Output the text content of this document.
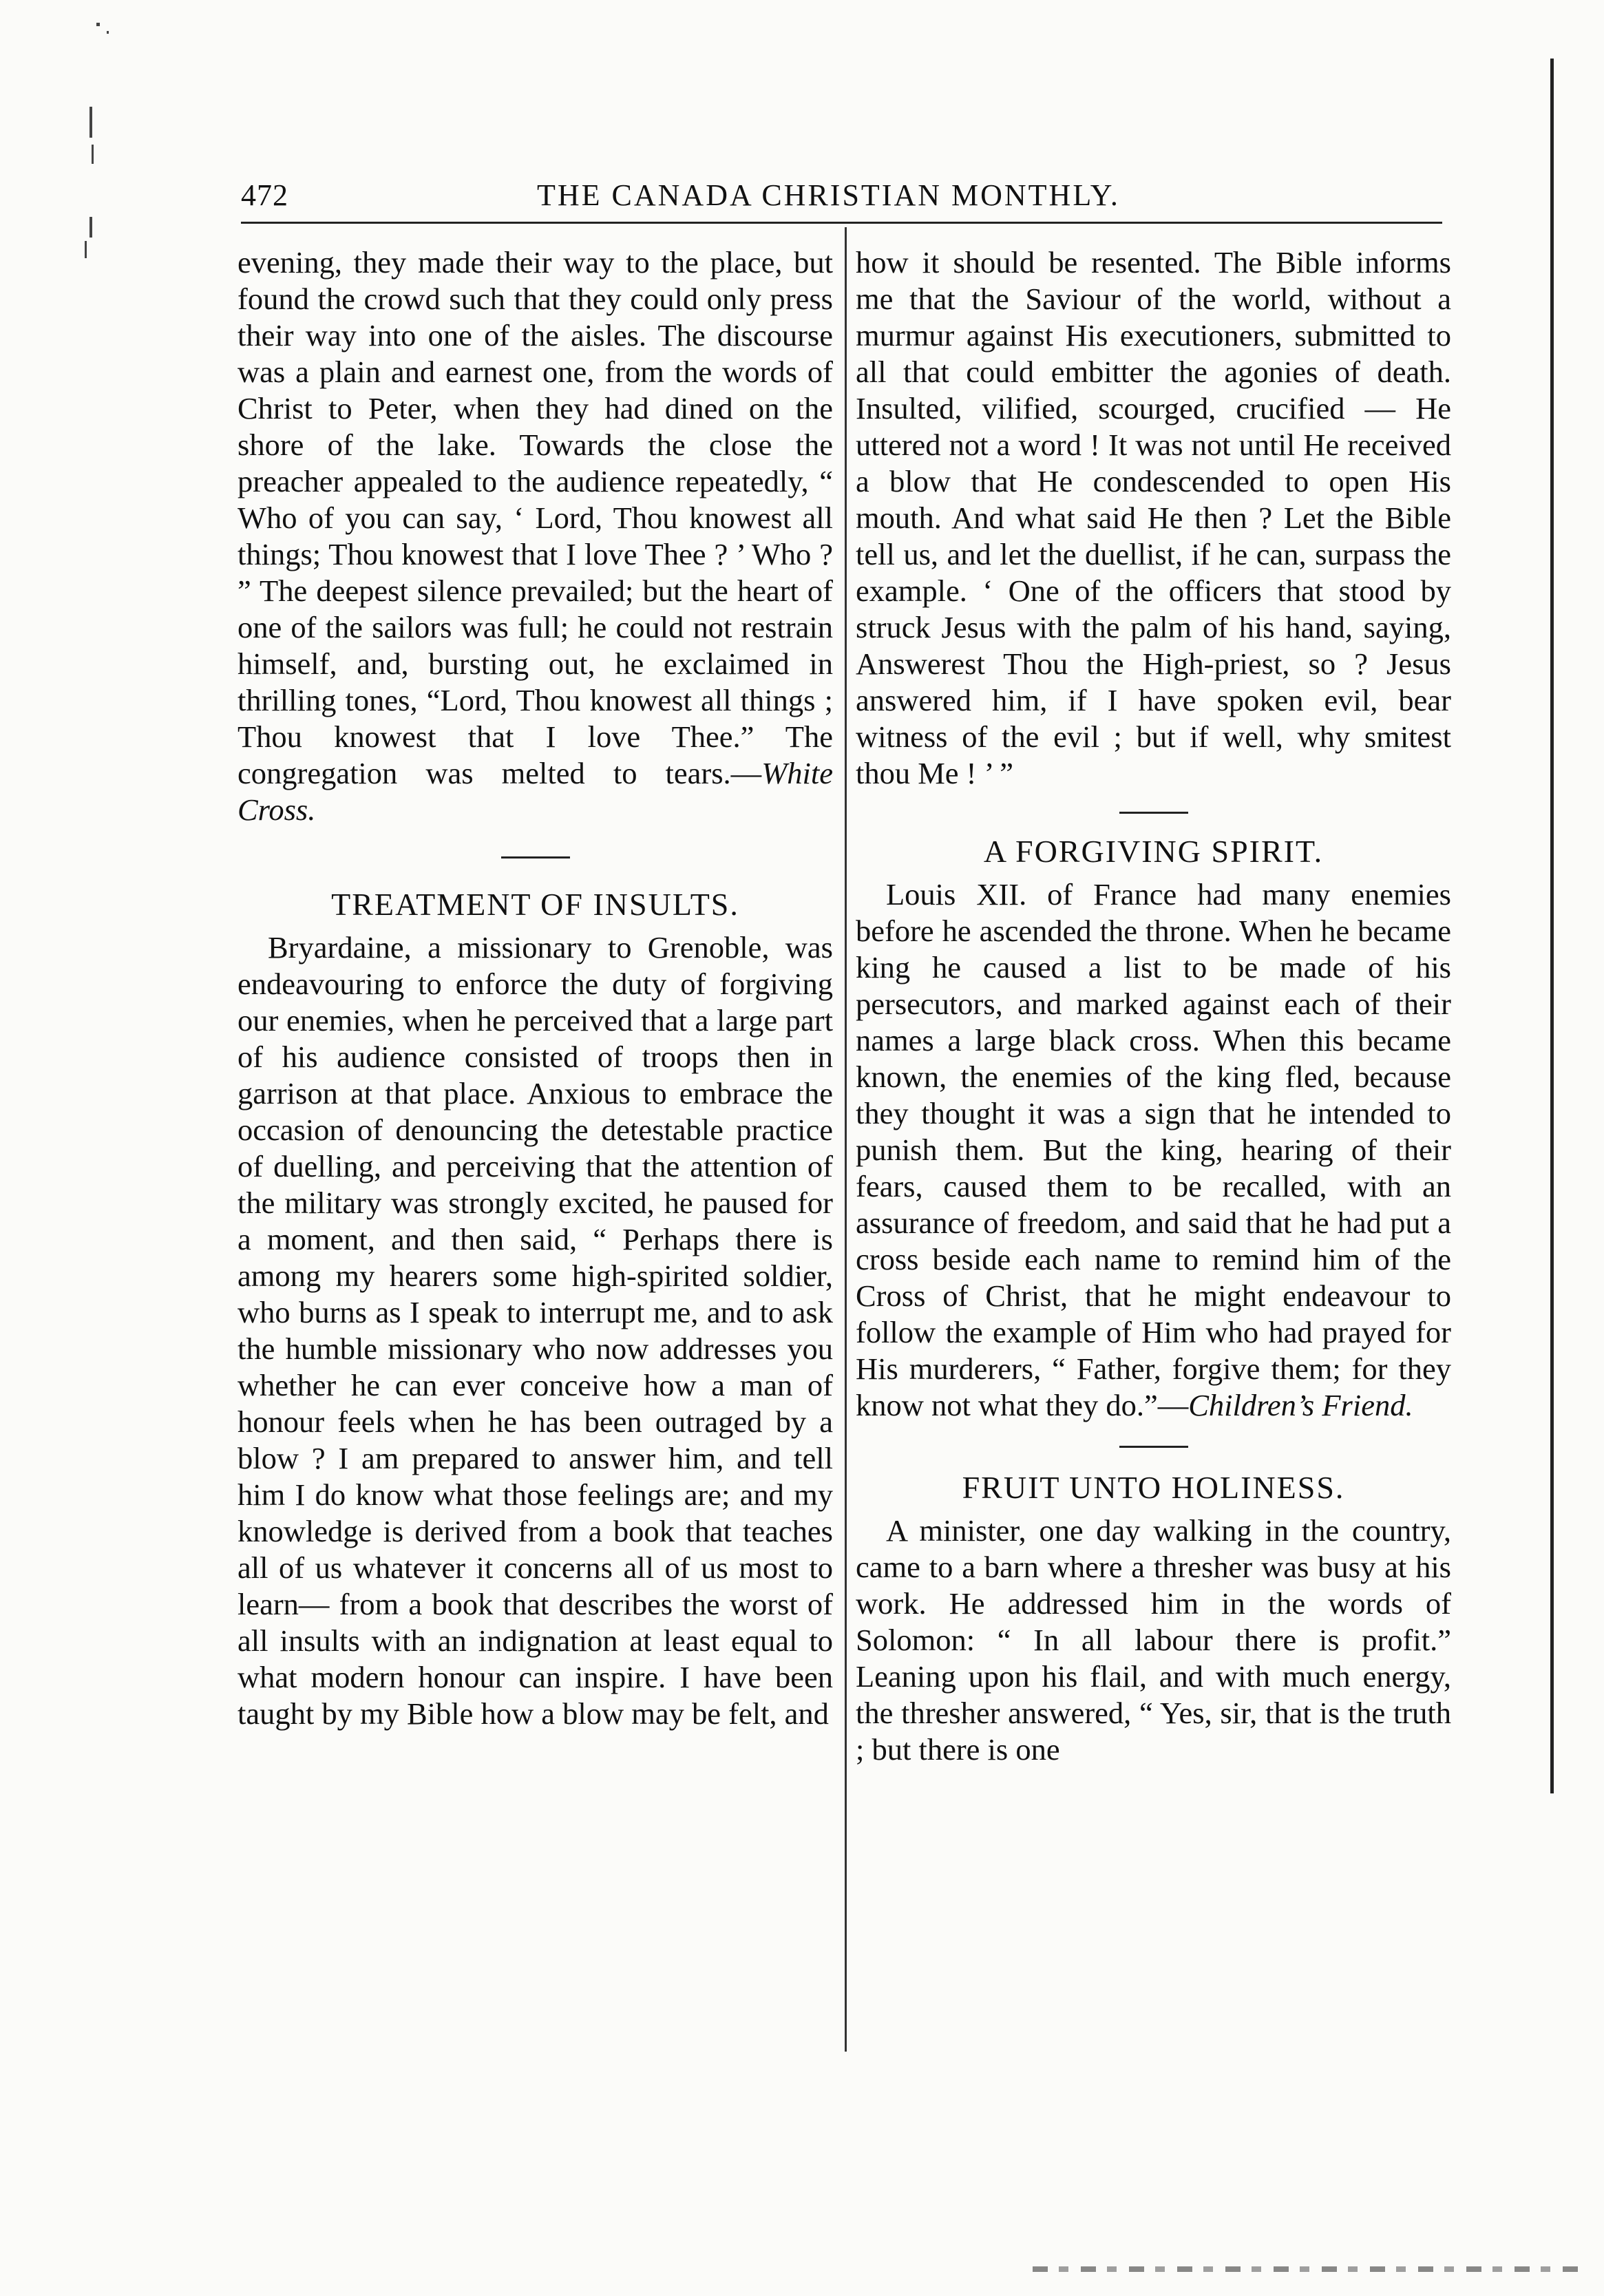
472	THE CANADA CHRISTIAN MONTHLY.

evening, they made their way to the place, but found the crowd such that they could only press their way into one of the aisles. The discourse was a plain and earnest one, from the words of Christ to Peter, when they had dined on the shore of the lake. Towards the close the preacher appealed to the audience repeatedly, “ Who of you can say, ‘ Lord, Thou knowest all things; Thou knowest that I love Thee ? ’ Who ? ” The deepest silence prevailed; but the heart of one of the sailors was full; he could not restrain himself, and, bursting out, he exclaimed in thrilling tones, “Lord, Thou knowest all things ; Thou knowest that I love Thee.” The congregation was melted to tears.—White Cross.

TREATMENT OF INSULTS.

Bryardaine, a missionary to Grenoble, was endeavouring to enforce the duty of forgiving our enemies, when he perceived that a large part of his audience consisted of troops then in garrison at that place. Anxious to embrace the occasion of denouncing the detestable practice of duelling, and perceiving that the attention of the military was strongly excited, he paused for a moment, and then said, “ Perhaps there is among my hearers some high-spirited soldier, who burns as I speak to interrupt me, and to ask the humble missionary who now addresses you whether he can ever conceive how a man of honour feels when he has been outraged by a blow ? I am prepared to answer him, and tell him I do know what those feelings are; and my knowledge is derived from a book that teaches all of us whatever it concerns all of us most to learn— from a book that describes the worst of all insults with an indignation at least equal to what modern honour can inspire. I have been taught by my Bible how a blow may be felt, and

how it should be resented. The Bible informs me that the Saviour of the world, without a murmur against His executioners, submitted to all that could embitter the agonies of death. Insulted, vilified, scourged, crucified — He uttered not a word ! It was not until He received a blow that He condescended to open His mouth. And what said He then ? Let the Bible tell us, and let the duellist, if he can, surpass the example. ‘ One of the officers that stood by struck Jesus with the palm of his hand, saying, Answerest Thou the High-priest, so ? Jesus answered him, if I have spoken evil, bear witness of the evil ; but if well, why smitest thou Me ! ’ ”

A FORGIVING SPIRIT.

Louis XII. of France had many enemies before he ascended the throne. When he became king he caused a list to be made of his persecutors, and marked against each of their names a large black cross. When this became known, the enemies of the king fled, because they thought it was a sign that he intended to punish them. But the king, hearing of their fears, caused them to be recalled, with an assurance of freedom, and said that he had put a cross beside each name to remind him of the Cross of Christ, that he might endeavour to follow the example of Him who had prayed for His murderers, “ Father, forgive them; for they know not what they do.”—Children’s Friend.

FRUIT UNTO HOLINESS.

A minister, one day walking in the country, came to a barn where a thresher was busy at his work. He addressed him in the words of Solomon: “ In all labour there is profit.” Leaning upon his flail, and with much energy, the thresher answered, “ Yes, sir, that is the truth ; but there is one
